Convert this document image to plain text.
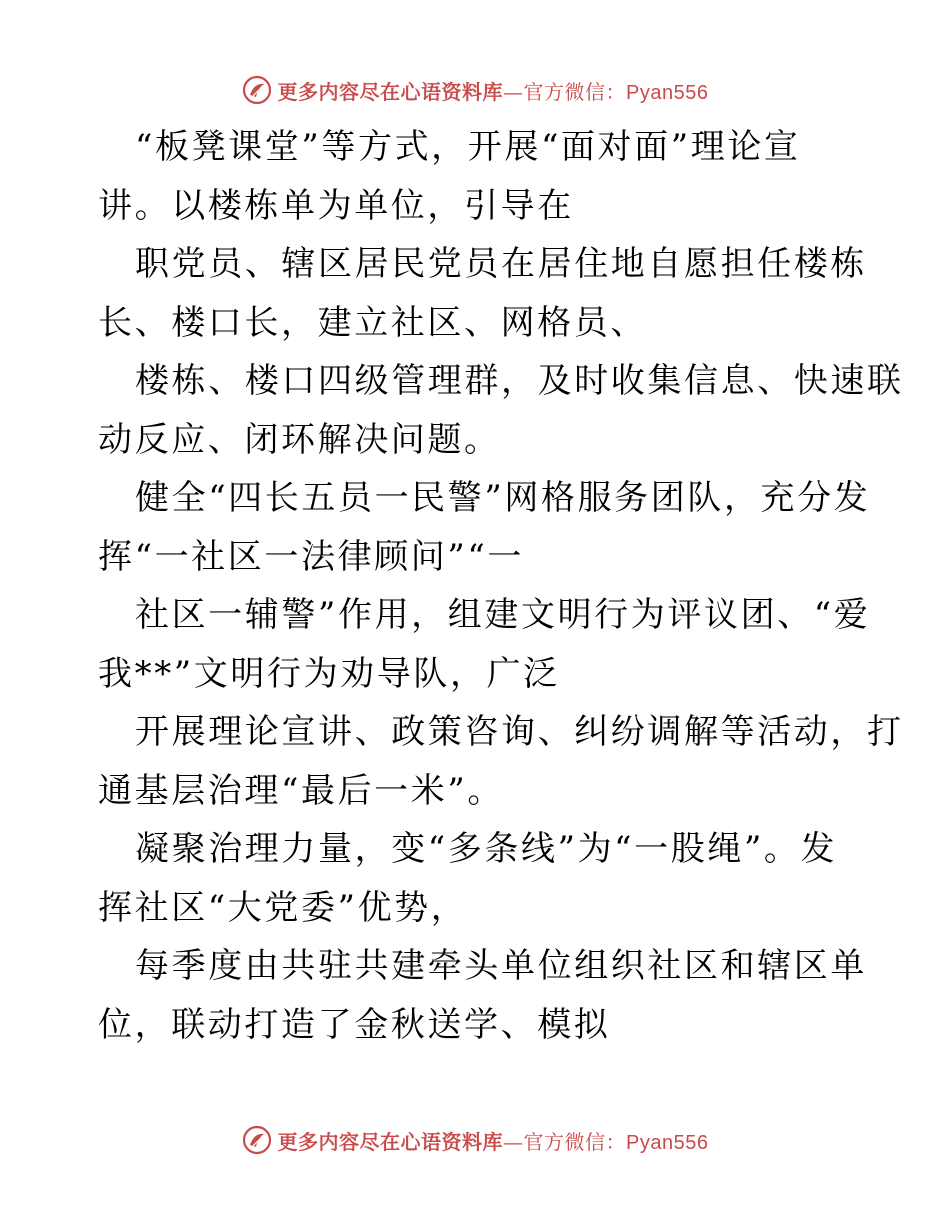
更多内容尽在心语资料库—官方微信：Pyan556
“板凳课堂”等方式，开展“面对面”理论宣
讲。以楼栋单为单位，引导在
职党员、辖区居民党员在居住地自愿担任楼栋
长、楼口长，建立社区、网格员、
楼栋、楼口四级管理群，及时收集信息、快速联
动反应、闭环解决问题。
健全“四长五员一民警”网格服务团队，充分发
挥“一社区一法律顾问”“一
社区一辅警”作用，组建文明行为评议团、“爱
我**”文明行为劝导队，广泛
开展理论宣讲、政策咨询、纠纷调解等活动，打
通基层治理“最后一米”。
凝聚治理力量，变“多条线”为“一股绳”。发
挥社区“大党委”优势，
每季度由共驻共建牵头单位组织社区和辖区单
位，联动打造了金秋送学、模拟
更多内容尽在心语资料库—官方微信：Pyan556
